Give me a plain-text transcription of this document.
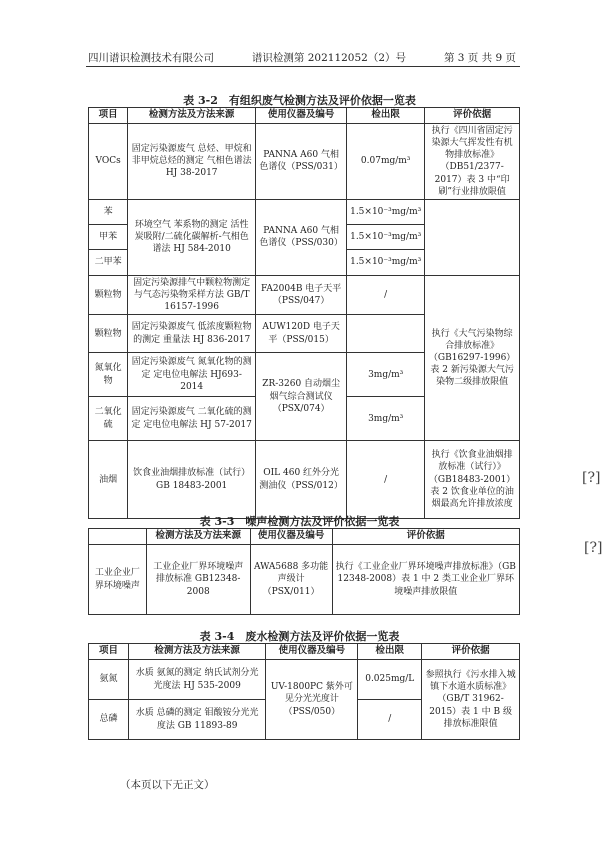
四川谱识检测技术有限公司	谱识检测第 202112052（2）号	第 3 页 共 9 页
表 3-2　有组织废气检测方法及评价依据一览表
项目	检测方法及方法来源	使用仪器及编号	检出限	评价依据
VOCs	固定污染源废气 总烃、甲烷和非甲烷总烃的测定 气相色谱法 HJ 38-2017	PANNA A60 气相色谱仪（PSS/031）	0.07mg/m³	执行《四川省固定污染源大气挥发性有机物排放标准》（DB51/2377-2017）表 3 中“印刷”行业排放限值
苯	环境空气 苯系物的测定 活性炭吸附/二硫化碳解析-气相色谱法 HJ 584-2010	PANNA A60 气相色谱仪（PSS/030）	1.5×10⁻³mg/m³	
甲苯			1.5×10⁻³mg/m³	
二甲苯			1.5×10⁻³mg/m³	
颗粒物	固定污染源排气中颗粒物测定与气态污染物采样方法 GB/T 16157-1996	FA2004B 电子天平（PSS/047）	/	执行《大气污染物综合排放标准》（GB16297-1996）表 2 新污染源大气污染物二级排放限值
颗粒物	固定污染源废气 低浓度颗粒物的测定 重量法 HJ 836-2017	AUW120D 电子天平（PSS/015）		
氮氧化物	固定污染源废气 氮氧化物的测定 定电位电解法 HJ693-2014	ZR-3260 自动烟尘烟气综合测试仪（PSX/074）	3mg/m³	
二氧化硫	固定污染源废气 二氧化硫的测定 定电位电解法 HJ 57-2017		3mg/m³	
油烟	饮食业油烟排放标准（试行）GB 18483-2001	OIL 460 红外分光测油仪（PSS/012）	/	执行《饮食业油烟排放标准（试行）》（GB18483-2001）表 2 饮食业单位的油烟最高允许排放浓度
表 3-3　噪声检测方法及评价依据一览表
	检测方法及方法来源	使用仪器及编号	评价依据
工业企业厂界环境噪声	工业企业厂界环境噪声排放标准 GB12348-2008	AWA5688 多功能声级计（PSX/011）	执行《工业企业厂界环境噪声排放标准》（GB 12348-2008）表 1 中 2 类工业企业厂界环境噪声排放限值
表 3-4　废水检测方法及评价依据一览表
项目	检测方法及方法来源	使用仪器及编号	检出限	评价依据
氨氮	水质 氨氮的测定 纳氏试剂分光光度法 HJ 535-2009	UV-1800PC 紫外可见分光光度计（PSS/050）	0.025mg/L	参照执行《污水排入城镇下水道水质标准》（GB/T 31962-2015）表 1 中 B 级排放标准限值
总磷	水质 总磷的测定 钼酸铵分光光度法 GB 11893-89		/	
（本页以下无正文）
[?]
[?]
